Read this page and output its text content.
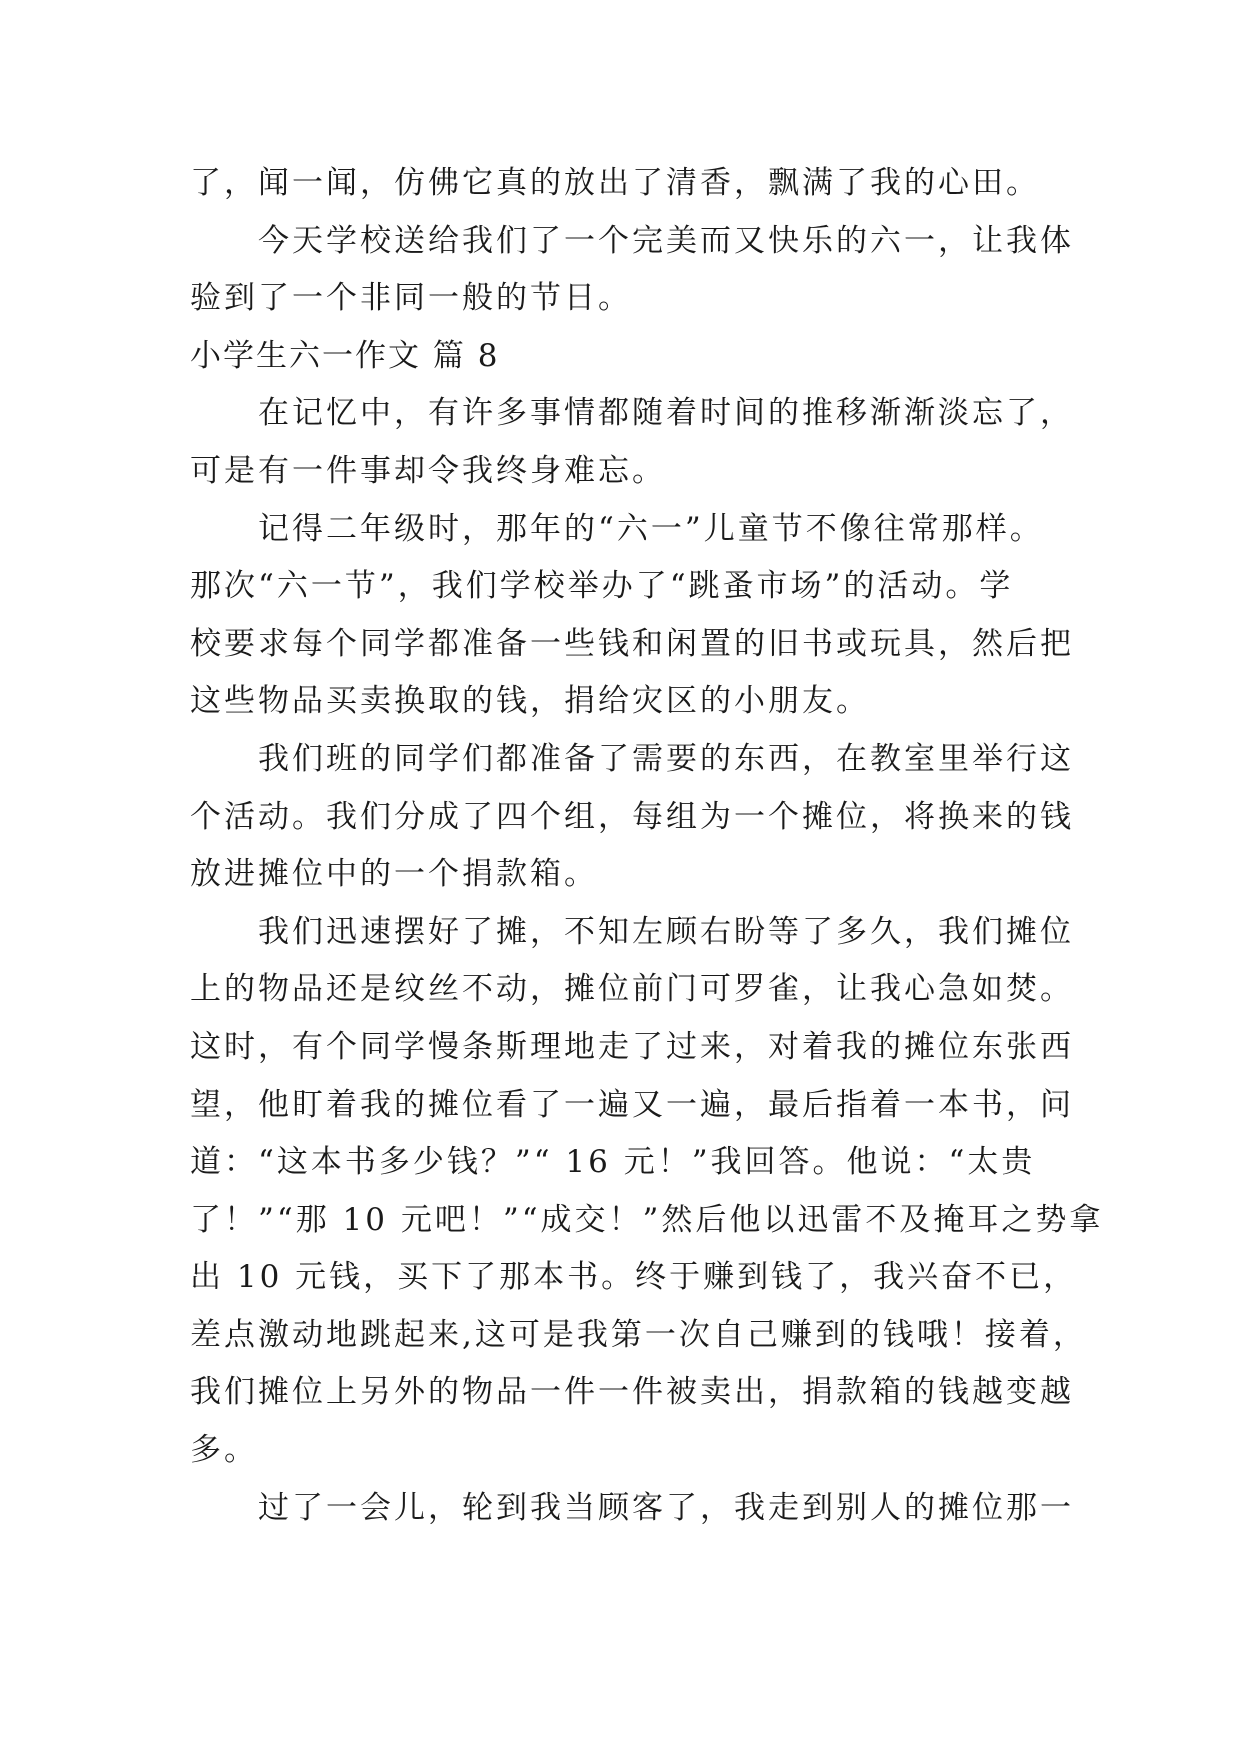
了，闻一闻，仿佛它真的放出了清香，飘满了我的心田。

今天学校送给我们了一个完美而又快乐的六一，让我体

验到了一个非同一般的节日。

小学生六一作文 篇 8

在记忆中，有许多事情都随着时间的推移渐渐淡忘了，

可是有一件事却令我终身难忘。

记得二年级时，那年的“六一”儿童节不像往常那样。

那次“六一节”，我们学校举办了“跳蚤市场”的活动。学

校要求每个同学都准备一些钱和闲置的旧书或玩具，然后把

这些物品买卖换取的钱，捐给灾区的小朋友。

我们班的同学们都准备了需要的东西，在教室里举行这

个活动。我们分成了四个组，每组为一个摊位，将换来的钱

放进摊位中的一个捐款箱。

我们迅速摆好了摊，不知左顾右盼等了多久，我们摊位

上的物品还是纹丝不动，摊位前门可罗雀，让我心急如焚。

这时，有个同学慢条斯理地走了过来，对着我的摊位东张西

望，他盯着我的摊位看了一遍又一遍，最后指着一本书，问

道：“这本书多少钱？”“ 16 元！”我回答。他说：“太贵

了！”“那 10 元吧！”“成交！”然后他以迅雷不及掩耳之势拿

出 10 元钱，买下了那本书。终于赚到钱了，我兴奋不已，

差点激动地跳起来,这可是我第一次自己赚到的钱哦！接着，

我们摊位上另外的物品一件一件被卖出，捐款箱的钱越变越

多。

过了一会儿，轮到我当顾客了，我走到别人的摊位那一
